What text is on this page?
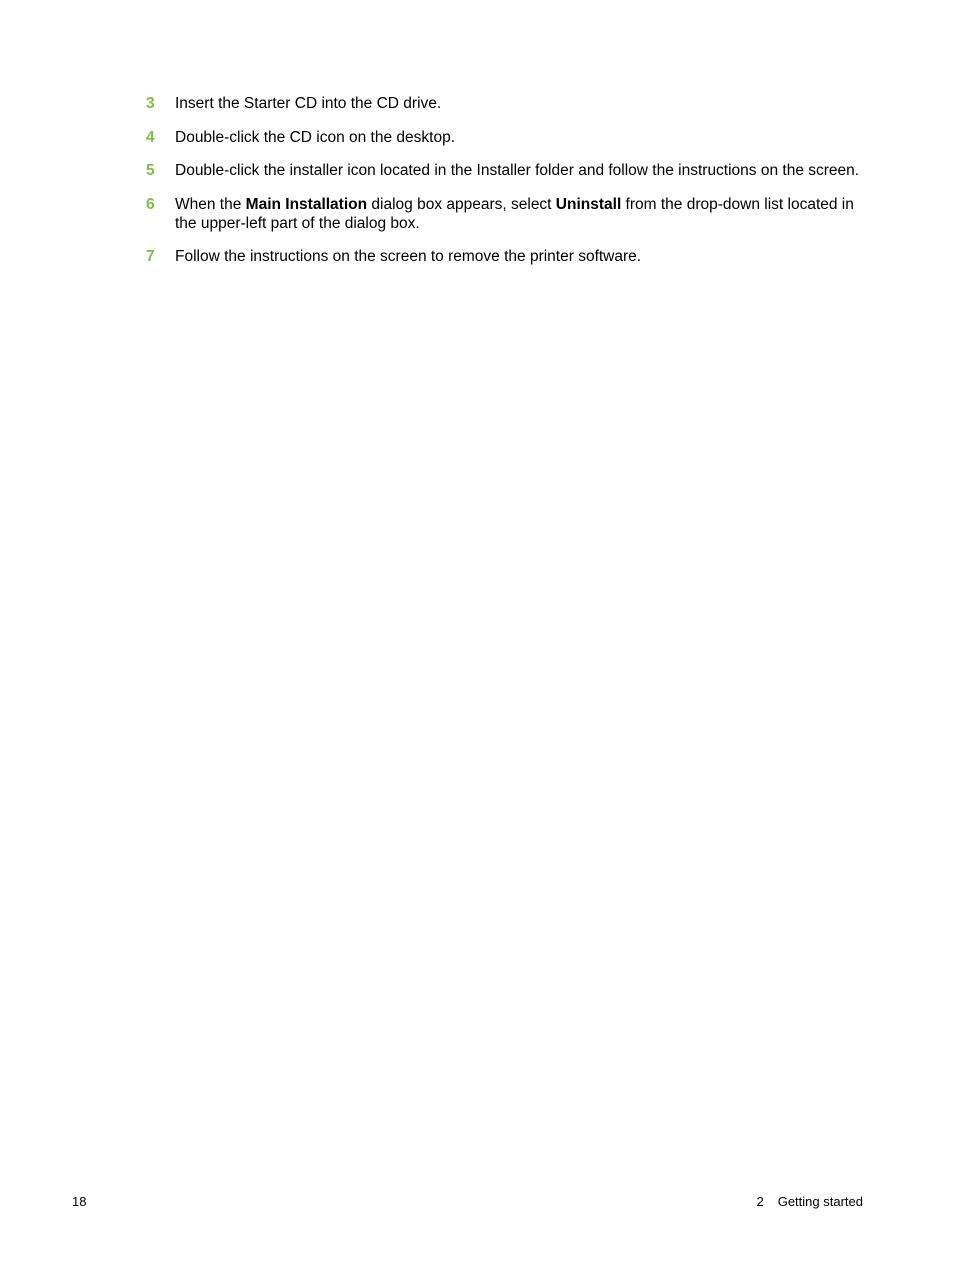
3 Insert the Starter CD into the CD drive.
4 Double-click the CD icon on the desktop.
5 Double-click the installer icon located in the Installer folder and follow the instructions on the screen.
6 When the Main Installation dialog box appears, select Uninstall from the drop-down list located in the upper-left part of the dialog box.
7 Follow the instructions on the screen to remove the printer software.
18	2 Getting started
